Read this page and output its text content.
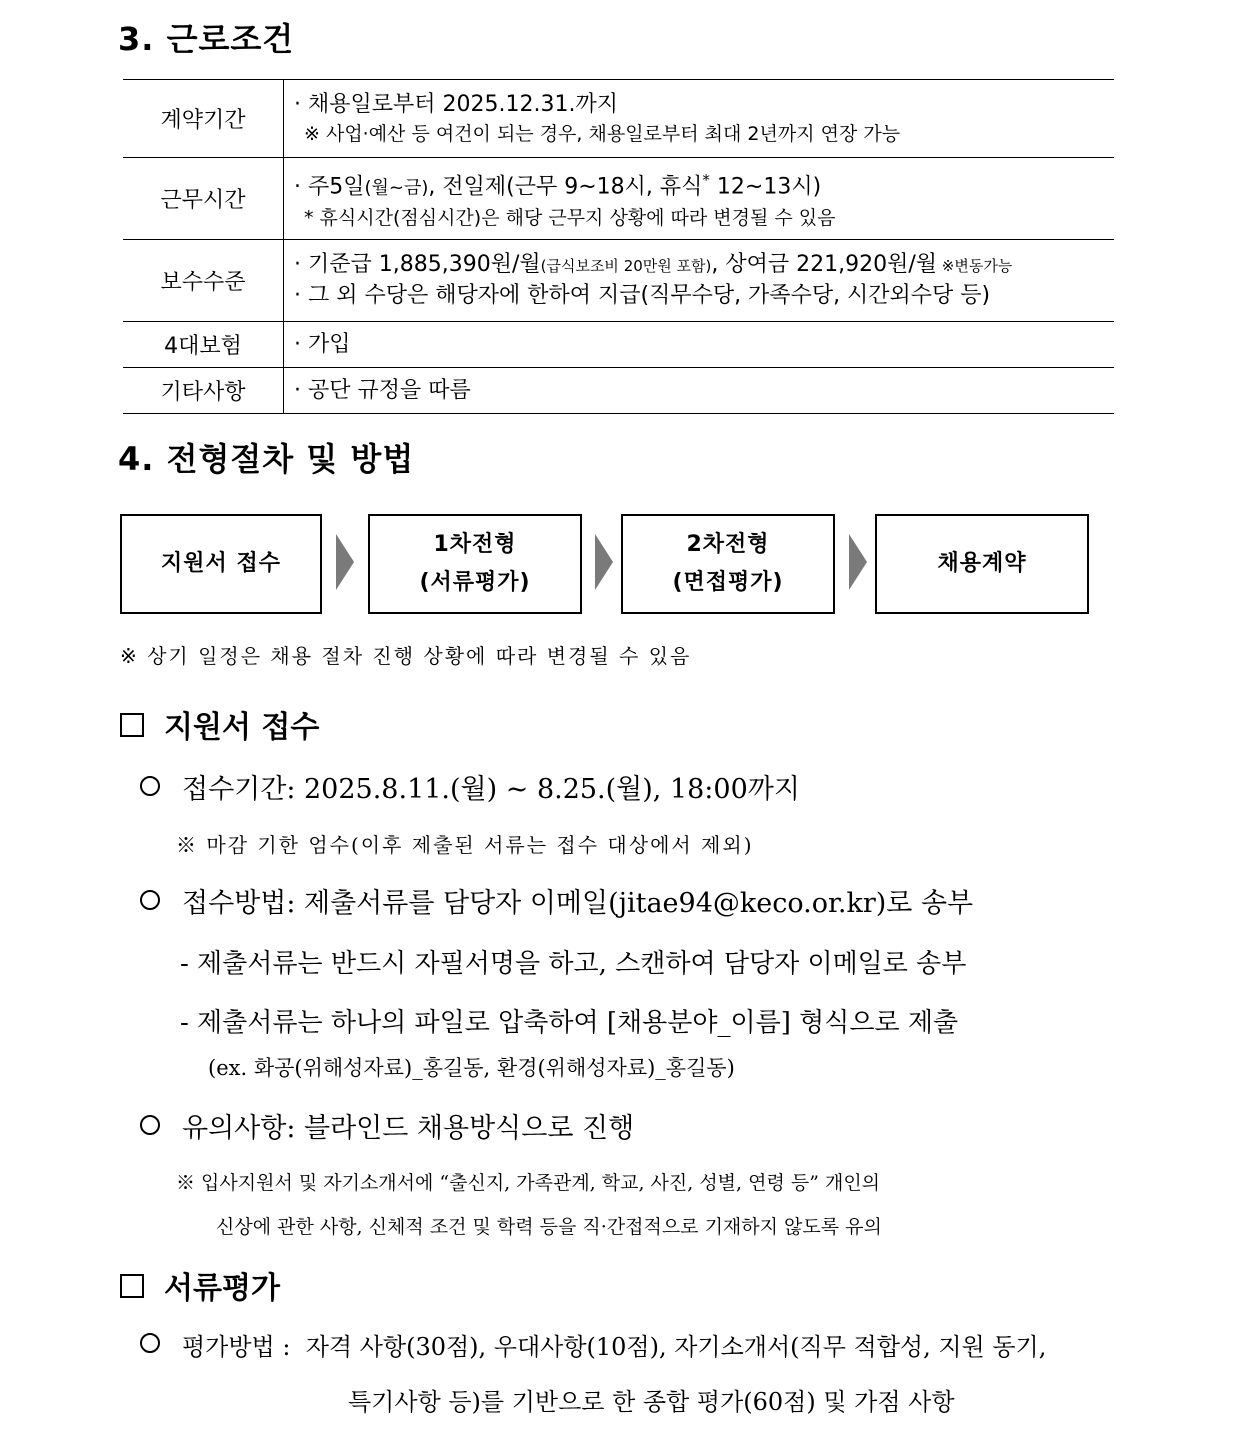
3. 근로조건
계약기간	· 채용일로부터 2025.12.31.까지
※ 사업·예산 등 여건이 되는 경우, 채용일로부터 최대 2년까지 연장 가능

근무시간	· 주5일(월~금), 전일제(근무 9~18시, 휴식* 12~13시)
* 휴식시간(점심시간)은 해당 근무지 상황에 따라 변경될 수 있음

보수수준	· 기준급 1,885,390원/월(급식보조비 20만원 포함), 상여금 221,920원/월 ※변동가능
· 그 외 수당은 해당자에 한하여 지급(직무수당, 가족수당, 시간외수당 등)

4대보험	· 가입

기타사항	· 공단 규정을 따름
4. 전형절차 및 방법
지원서 접수
1차전형
(서류평가)
2차전형
(면접평가)
채용계약
※ 상기 일정은 채용 절차 진행 상황에 따라 변경될 수 있음
지원서 접수
접수기간: 2025.8.11.(월) ~ 8.25.(월), 18:00까지
※ 마감 기한 엄수(이후 제출된 서류는 접수 대상에서 제외)
접수방법: 제출서류를 담당자 이메일(jitae94@keco.or.kr)로 송부
- 제출서류는 반드시 자필서명을 하고, 스캔하여 담당자 이메일로 송부
- 제출서류는 하나의 파일로 압축하여 [채용분야_이름] 형식으로 제출
(ex. 화공(위해성자료)_홍길동, 환경(위해성자료)_홍길동)
유의사항: 블라인드 채용방식으로 진행
※ 입사지원서 및 자기소개서에 “출신지, 가족관계, 학교, 사진, 성별, 연령 등” 개인의
신상에 관한 사항, 신체적 조건 및 학력 등을 직·간접적으로 기재하지 않도록 유의
서류평가
평가방법 : 자격 사항(30점), 우대사항(10점), 자기소개서(직무 적합성, 지원 동기,
특기사항 등)를 기반으로 한 종합 평가(60점) 및 가점 사항
